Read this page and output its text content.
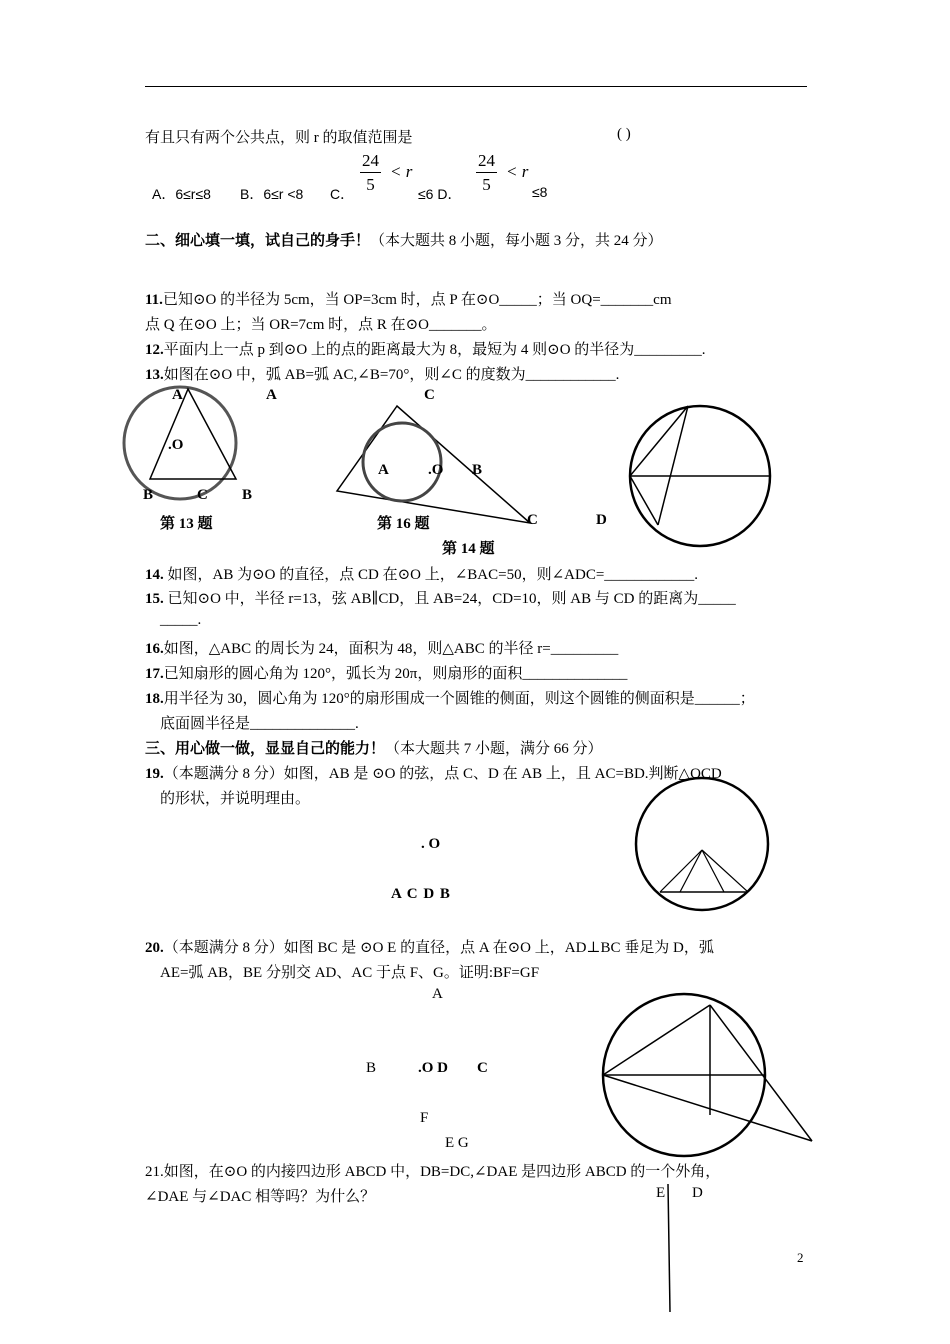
有且只有两个公共点，则 r 的取值范围是	( )
A．6≤r≤8 B．6≤r <8 C． $\frac{24}{5} < r$
≤6 D． $\frac{24}{5} < r$
≤8
二、细心填一填，试自己的身手！（本大题共 8 小题，每小题 3 分，共 24 分）
11.已知⊙O 的半径为 5cm，当 OP=3cm 时，点 P 在⊙O_____；当 OQ=_______cm
点 Q 在⊙O 上；当 OR=7cm 时，点 R 在⊙O_______。
12.平面内上一点 p 到⊙O 上的点的距离最大为 8，最短为 4 则⊙O 的半径为_________.
13.如图在⊙O 中，弧 AB=弧 AC,∠B=70°，则∠C 的度数为____________.
A	A
.O
B	C B
第 13 题
C
A	.O B
C	D
第 16 题
第 14 题
14. 如图，AB 为⊙O 的直径，点 CD 在⊙O 上，∠BAC=50，则∠ADC=____________.
15. 已知⊙O 中，半径 r=13，弦 AB∥CD，且 AB=24，CD=10，则 AB 与 CD 的距离为_____
_____.
16.如图，△ABC 的周长为 24，面积为 48，则△ABC 的半径 r=_________
17.已知扇形的圆心角为 120°，弧长为 20π，则扇形的面积______________
18.用半径为 30，圆心角为 120°的扇形围成一个圆锥的侧面，则这个圆锥的侧面积是______；
底面圆半径是______________.
三、用心做一做，显显自己的能力！（本大题共 7 小题，满分 66 分）
19.（本题满分 8 分）如图，AB 是 ⊙O 的弦，点 C、D 在 AB 上，且 AC=BD.判断△OCD
的形状，并说明理由。
. O
A C D B
20.（本题满分 8 分）如图 BC 是 ⊙O E 的直径，点 A 在⊙O 上，AD⊥BC 垂足为 D，弧
AE=弧 AB，BE 分别交 AD、AC 于点 F、G。证明:BF=GF
A
B	.O D C
F
E G
21.如图，在⊙O 的内接四边形 ABCD 中，DB=DC,∠DAE 是四边形 ABCD 的一个外角，
∠DAE 与∠DAC 相等吗？为什么？	E D
2
